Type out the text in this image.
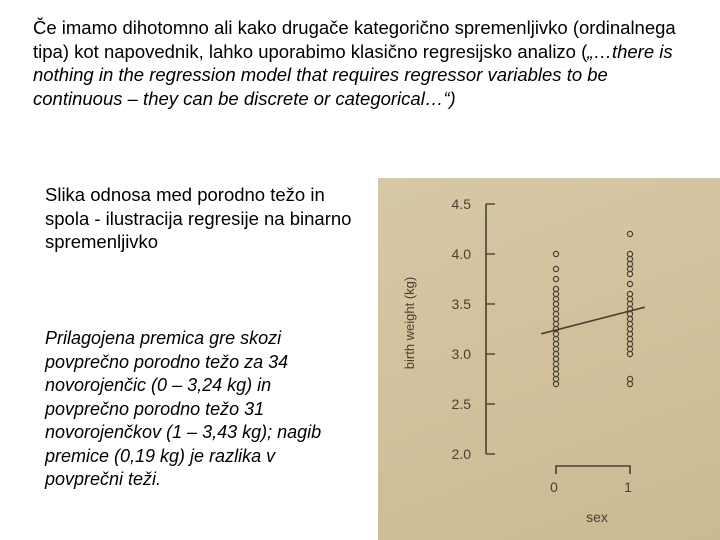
Če imamo dihotomno ali kako drugače kategorično spremenljivko (ordinalnega tipa) kot napovednik, lahko uporabimo klasično regresijsko analizo („…there is nothing in the regression model that requires regressor variables to be continuous – they can be discrete or categorical…“)
Slika odnosa med porodno težo in spola - ilustracija regresije na binarno spremenljivko
Prilagojena premica gre skozi povprečno porodno težo za 34 novorojenčic (0 – 3,24 kg) in povprečno porodno težo 31 novorojenčkov (1 – 3,43 kg); nagib premice (0,19 kg) je razlika v povprečni teži.
4.5
4.0
3.5
3.0
2.5
2.0
birth weight (kg)
0	1
sex
